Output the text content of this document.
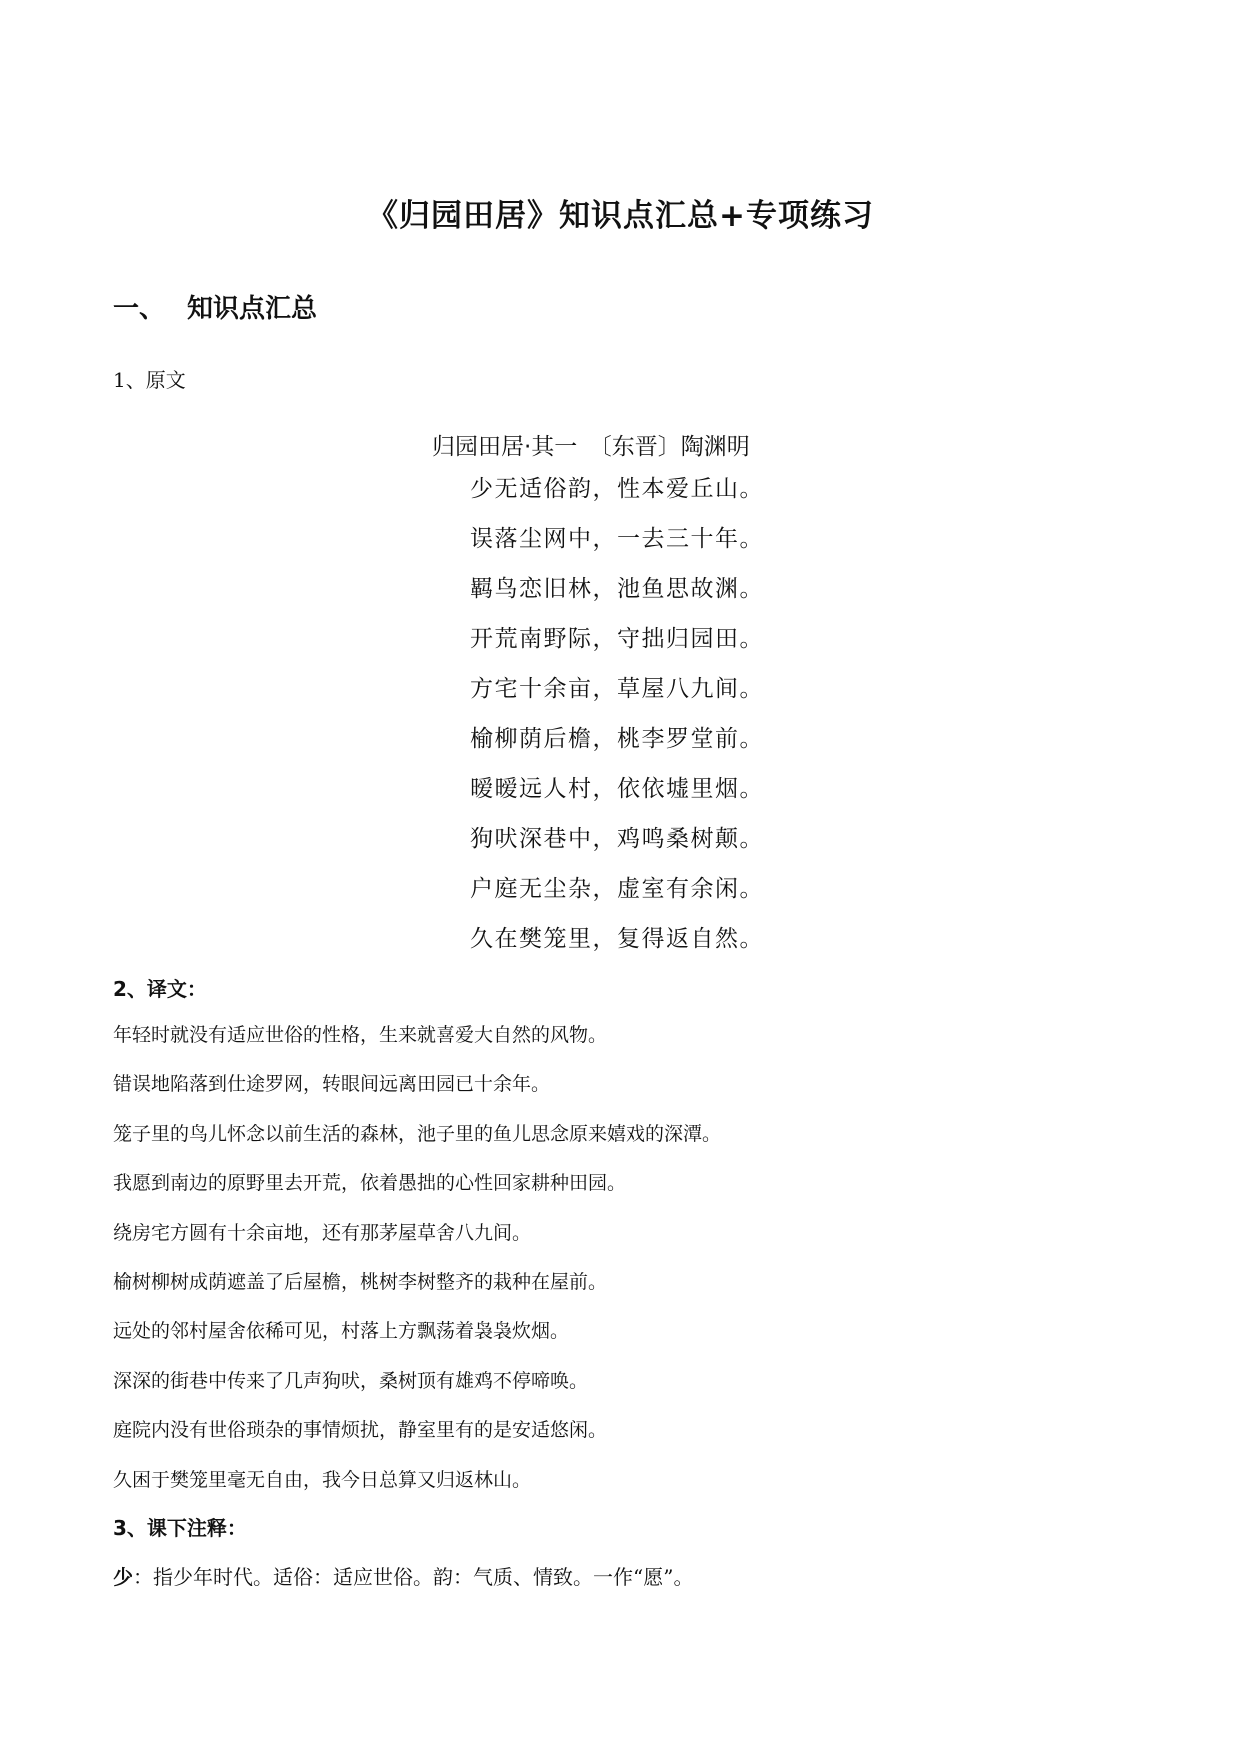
《归园田居》知识点汇总+专项练习
一、 知识点汇总
1、原文
归园田居·其一　〔东晋〕陶渊明
少无适俗韵，性本爱丘山。
误落尘网中，一去三十年。
羁鸟恋旧林，池鱼思故渊。
开荒南野际，守拙归园田。
方宅十余亩，草屋八九间。
榆柳荫后檐，桃李罗堂前。
暧暧远人村，依依墟里烟。
狗吠深巷中，鸡鸣桑树颠。
户庭无尘杂，虚室有余闲。
久在樊笼里，复得返自然。
2、译文：
年轻时就没有适应世俗的性格，生来就喜爱大自然的风物。
错误地陷落到仕途罗网，转眼间远离田园已十余年。
笼子里的鸟儿怀念以前生活的森林，池子里的鱼儿思念原来嬉戏的深潭。
我愿到南边的原野里去开荒，依着愚拙的心性回家耕种田园。
绕房宅方圆有十余亩地，还有那茅屋草舍八九间。
榆树柳树成荫遮盖了后屋檐，桃树李树整齐的栽种在屋前。
远处的邻村屋舍依稀可见，村落上方飘荡着袅袅炊烟。
深深的街巷中传来了几声狗吠，桑树顶有雄鸡不停啼唤。
庭院内没有世俗琐杂的事情烦扰，静室里有的是安适悠闲。
久困于樊笼里毫无自由，我今日总算又归返林山。
3、课下注释：
少：指少年时代。适俗：适应世俗。韵：气质、情致。一作“愿”。
